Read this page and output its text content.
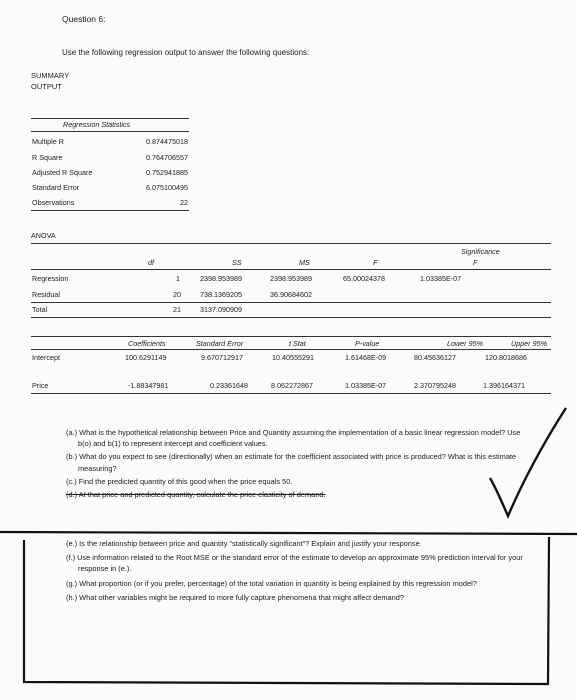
Question 6:
Use the following regression output to answer the following questions:
SUMMARY
OUTPUT
Regression Statistics
Multiple R	0.874475018
R Square	0.764706557
Adjusted R Square	0.752941885
Standard Error	6.075100495
Observations	22
ANOVA
Significance
df	SS	MS	F	F
Regression	1	2398.953989	2398.953989	65.00024378	1.03385E-07
Residual	20	738.1369205	36.90684602
Total	21	3137.090909
Coefficients	Standard Error	t Stat	P-value	Lower 95%	Upper 95%
Intercept	100.6291149	9.670712917	10.40555291	1.61468E-09	80.45636127	120.8018686
Price	-1.88347981	0.23361648	8.062272867	1.03385E-07	2.370795248	1.396164371
(a.) What is the hypothetical relationship between Price and Quantity assuming the implementation of a basic linear regression model? Use b(o) and b(1) to represent intercept and coefficient values.
(b.) What do you expect to see (directionally) when an estimate for the coefficient associated with price is produced? What is this estimate measuring?
(c.) Find the predicted quantity of this good when the price equals 50.
(d.) At that price and predicted quantity, calculate the price elasticity of demand.
(e.) Is the relationship between price and quantity “statistically significant”? Explain and justify your response.
(f.) Use information related to the Root MSE or the standard error of the estimate to develop an approximate 95% prediction interval for your response in (e.).
(g.) What proportion (or if you prefer, percentage) of the total variation in quantity is being explained by this regression model?
(h.) What other variables might be required to more fully capture phenomena that might affect demand?
